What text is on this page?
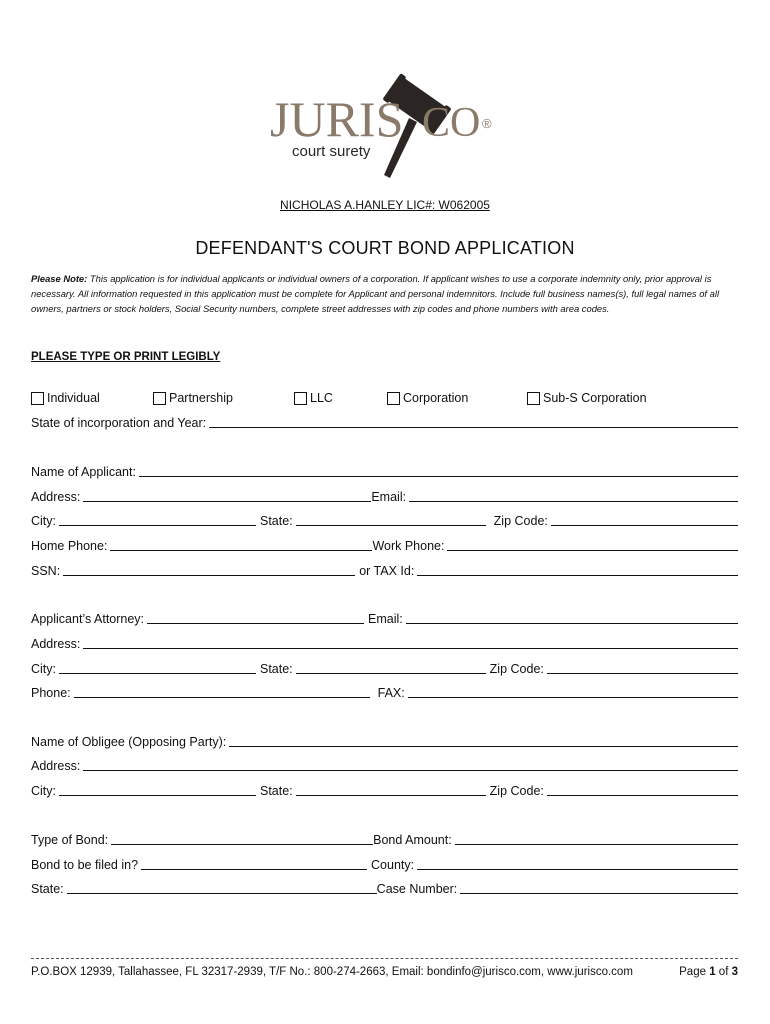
JURIS CO ®
court surety
NICHOLAS A.HANLEY LIC#: W062005
DEFENDANT'S COURT BOND APPLICATION
Please Note: This application is for individual applicants or individual owners of a corporation. If applicant wishes to use a corporate indemnity only, prior approval is necessary. All information requested in this application must be complete for Applicant and personal indemnitors. Include full business names(s), full legal names of all owners, partners or stock holders, Social Security numbers, complete street addresses with zip codes and phone numbers with area codes.
PLEASE TYPE OR PRINT LEGIBLY
Individual	Partnership	LLC	Corporation	Sub-S Corporation
State of incorporation and Year:
Name of Applicant:
Address:	Email:
City:	State:	Zip Code:
Home Phone:	Work Phone:
SSN:	or TAX Id:
Applicant’s Attorney:	Email:
Address:
City:	State:	Zip Code:
Phone:	FAX:
Name of Obligee (Opposing Party):
Address:
City:	State:	Zip Code:
Type of Bond:	Bond Amount:
Bond to be filed in?	County:
State:	Case Number:
P.O.BOX 12939, Tallahassee, FL 32317-2939, T/F No.: 800-274-2663, Email: bondinfo@jurisco.com, www.jurisco.com	Page 1 of 3
